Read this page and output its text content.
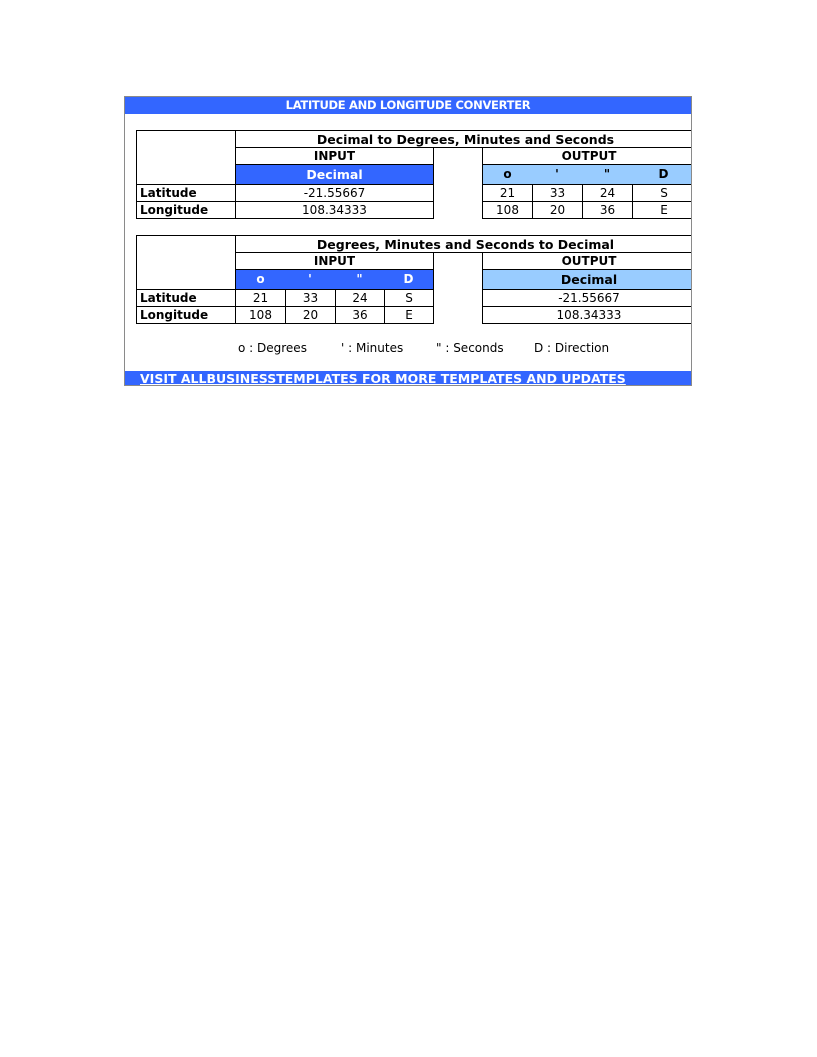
LATITUDE AND LONGITUDE CONVERTER
Decimal to Degrees, Minutes and Seconds
INPUT
Decimal
OUTPUT
o	'	"	D
Latitude	-21.55667	21	33	24	S
Longitude	108.34333	108	20	36	E
Degrees, Minutes and Seconds to Decimal
INPUT
o	'	"	D
OUTPUT
Decimal
Latitude	21	33	24	S	-21.55667
Longitude	108	20	36	E	108.34333
o : Degrees	' : Minutes	" : Seconds	D : Direction
VISIT ALLBUSINESSTEMPLATES FOR MORE TEMPLATES AND UPDATES
